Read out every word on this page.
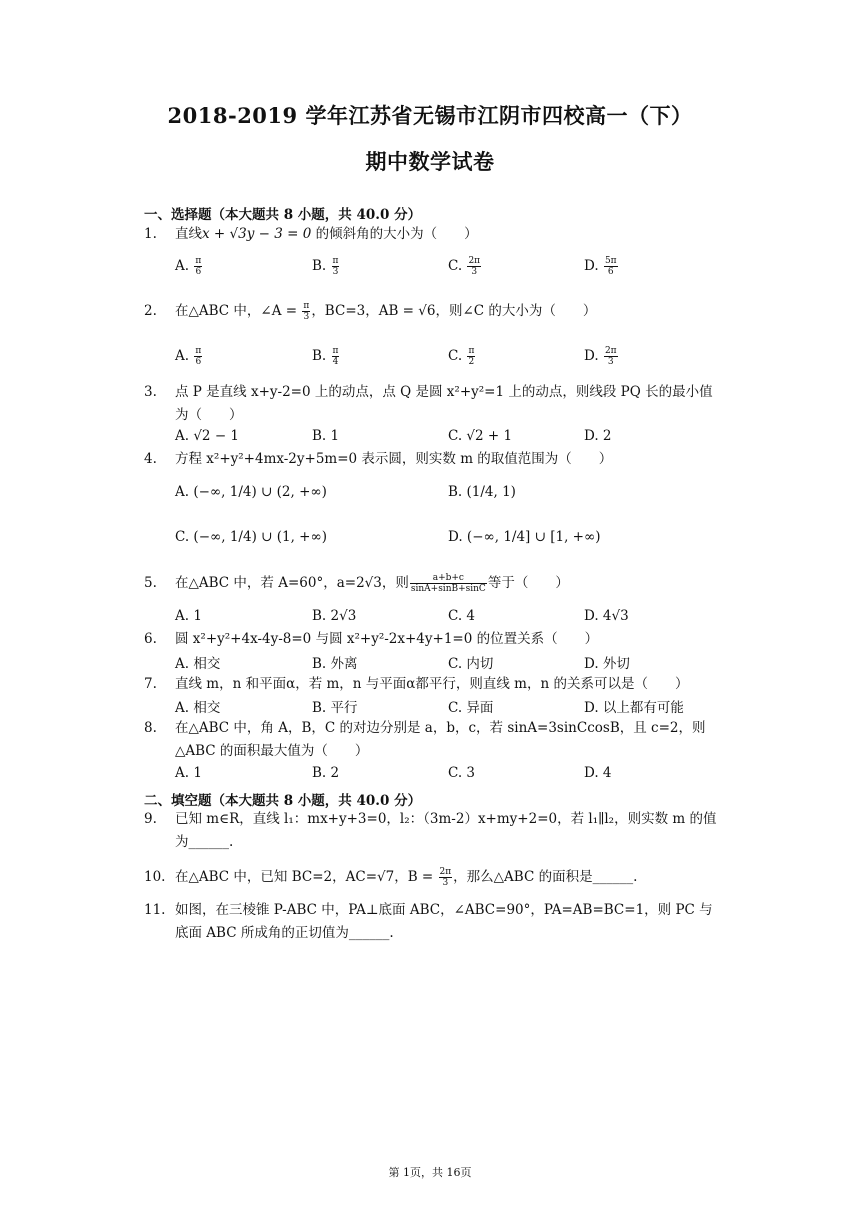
2018-2019 学年江苏省无锡市江阴市四校高一（下）
期中数学试卷
一、选择题（本大题共 8 小题，共 40.0 分）
1. 直线x + √3y − 3 = 0 的倾斜角的大小为（　　）
A. $\frac{\pi}{6}$	B. $\frac{\pi}{3}$	C. $\frac{2\pi}{3}$	D. $\frac{5\pi}{6}$
2. 在△ABC 中，∠A = $\frac{\pi}{3}$ ，BC=3，AB = √6，则∠C 的大小为（　　）
A. $\frac{\pi}{6}$	B. $\frac{\pi}{4}$	C. $\frac{\pi}{2}$	D. $\frac{2\pi}{3}$
3. 点 P 是直线 x+y-2=0 上的动点，点 Q 是圆 x²+y²=1 上的动点，则线段 PQ 长的最小值为（　　）
A. √2 − 1	B. 1	C. √2 + 1	D. 2
4. 方程 x²+y²+4mx-2y+5m=0 表示圆，则实数 m 的取值范围为（　　）
A. (−∞, 1/4) ∪ (2, +∞)	B. (1/4, 1)
C. (−∞, 1/4) ∪ (1, +∞)	D. (−∞, 1/4] ∪ [1, +∞)
5. 在△ABC 中，若 A=60°，a=2√3，则 $\frac{a+b+c}{\sin A+\sin B+\sin C}$ 等于（　　）
A. 1	B. 2√3	C. 4	D. 4√3
6. 圆 x²+y²+4x-4y-8=0 与圆 x²+y²-2x+4y+1=0 的位置关系（　　）
A. 相交	B. 外离	C. 内切	D. 外切
7. 直线 m，n 和平面α，若 m，n 与平面α都平行，则直线 m，n 的关系可以是（　　）
A. 相交	B. 平行	C. 异面	D. 以上都有可能
8. 在△ABC 中，角 A，B，C 的对边分别是 a，b，c，若 sinA=3sinCcosB，且 c=2，则△ABC 的面积最大值为（　　）
A. 1	B. 2	C. 3	D. 4
二、填空题（本大题共 8 小题，共 40.0 分）
9. 已知 m∈R，直线 l₁：mx+y+3=0，l₂：（3m-2）x+my+2=0，若 l₁∥l₂，则实数 m 的值为______.
10. 在△ABC 中，已知 BC=2，AC=√7，$B = \frac{2\pi}{3}$ ，那么△ABC 的面积是______.
11. 如图，在三棱锥 P-ABC 中，PA⊥底面 ABC，∠ABC=90°，PA=AB=BC=1，则 PC 与底面 ABC 所成角的正切值为______.
第 1页，共 16页
